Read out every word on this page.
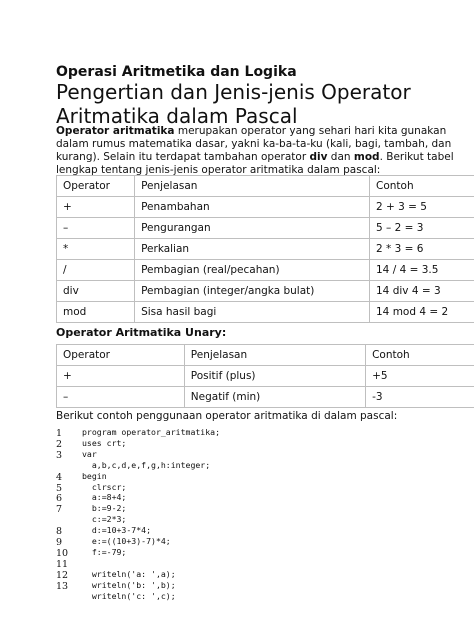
Operasi Aritmetika dan Logika
Pengertian dan Jenis-jenis Operator
Aritmatika dalam Pascal
Operator aritmatika merupakan operator yang sehari hari kita gunakan dalam rumus matematika dasar, yakni ka-ba-ta-ku (kali, bagi, tambah, dan kurang). Selain itu terdapat tambahan operator div dan mod. Berikut tabel lengkap tentang jenis-jenis operator aritmatika dalam pascal:
Operator	Penjelasan	Contoh
+	Penambahan	2 + 3 = 5
–	Pengurangan	5 – 2 = 3
*	Perkalian	2 * 3 = 6
/	Pembagian (real/pecahan)	14 / 4 = 3.5
div	Pembagian (integer/angka bulat)	14 div 4 = 3
mod	Sisa hasil bagi	14 mod 4 = 2
Operator Aritmatika Unary:
Operator	Penjelasan	Contoh
+	Positif (plus)	+5
–	Negatif (min)	-3
Berikut contoh penggunaan operator aritmatika di dalam pascal:
1	program operator_aritmatika;
2	uses crt;
3	var
a,b,c,d,e,f,g,h:integer;
4	begin
5	clrscr;
6	a:=8+4;
7	b:=9-2;
c:=2*3;
8	d:=10+3-7*4;
9	e:=((10+3)-7)*4;
10 f:=-79;
11
12 writeln('a: ',a);
13 writeln('b: ',b);
writeln('c: ',c);
